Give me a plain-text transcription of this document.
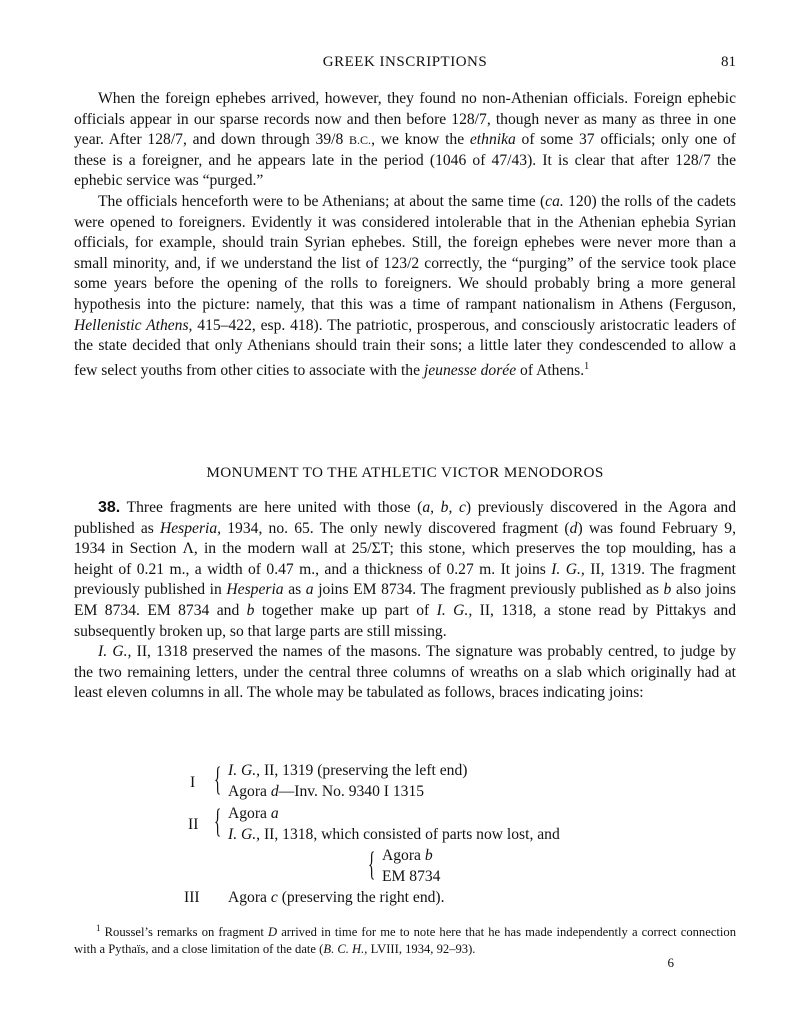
GREEK INSCRIPTIONS	81

When the foreign ephebes arrived, however, they found no non-Athenian officials. Foreign ephebic officials appear in our sparse records now and then before 128/7, though never as many as three in one year. After 128/7, and down through 39/8 B.C., we know the ethnika of some 37 officials; only one of these is a foreigner, and he appears late in the period (1046 of 47/43). It is clear that after 128/7 the ephebic service was “purged.”

The officials henceforth were to be Athenians; at about the same time (ca. 120) the rolls of the cadets were opened to foreigners. Evidently it was considered intolerable that in the Athenian ephebia Syrian officials, for example, should train Syrian ephebes. Still, the foreign ephebes were never more than a small minority, and, if we understand the list of 123/2 correctly, the “purging” of the service took place some years before the opening of the rolls to foreigners. We should probably bring a more general hypothesis into the picture: namely, that this was a time of rampant nationalism in Athens (Ferguson, Hellenistic Athens, 415–422, esp. 418). The patriotic, prosperous, and consciously aristocratic leaders of the state decided that only Athenians should train their sons; a little later they condescended to allow a few select youths from other cities to associate with the jeunesse dorée of Athens.$^1$

MONUMENT TO THE ATHLETIC VICTOR MENODOROS

38. Three fragments are here united with those (a, b, c) previously discovered in the Agora and published as Hesperia, 1934, no. 65. The only newly discovered fragment (d) was found February 9, 1934 in Section Λ, in the modern wall at 25/ΣΤ; this stone, which preserves the top moulding, has a height of 0.21 m., a width of 0.47 m., and a thickness of 0.27 m. It joins I. G., II, 1319. The fragment previously published in Hesperia as a joins EM 8734. The fragment previously published as b also joins EM 8734. EM 8734 and b together make up part of I. G., II, 1318, a stone read by Pittakys and subsequently broken up, so that large parts are still missing.

I. G., II, 1318 preserved the names of the masons. The signature was probably centred, to judge by the two remaining letters, under the central three columns of wreaths on a slab which originally had at least eleven columns in all. The whole may be tabulated as follows, braces indicating joins:

I { I. G., II, 1319 (preserving the left end)
Agora d—Inv. No. 9340 I 1315
II { Agora a
I. G., II, 1318, which consisted of parts now lost, and
{ Agora b
EM 8734
III Agora c (preserving the right end).

$^1$ Roussel’s remarks on fragment D arrived in time for me to note here that he has made independently a correct connection with a Pythaïs, and a close limitation of the date (B. C. H., LVIII, 1934, 92–93).

6
